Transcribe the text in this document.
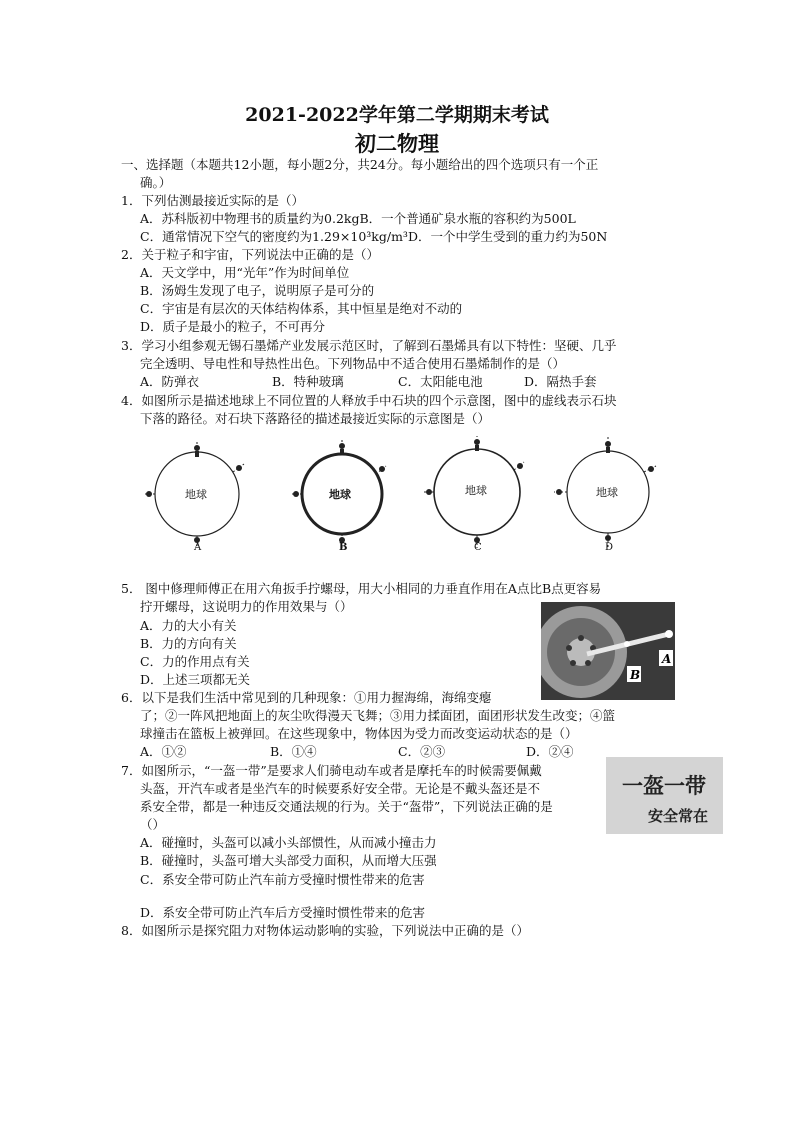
2021-2022学年第二学期期末考试
初二物理
一、选择题（本题共12小题，每小题2分，共24分。每小题给出的四个选项只有一个正
确。）
1．下列估测最接近实际的是（）
A．苏科版初中物理书的质量约为0.2kgB．一个普通矿泉水瓶的容积约为500L
C．通常情况下空气的密度约为1.29×10³kg/m³D．一个中学生受到的重力约为50N
2．关于粒子和宇宙，下列说法中正确的是（）
A．天文学中，用“光年”作为时间单位
B．汤姆生发现了电子，说明原子是可分的
C．宇宙是有层次的天体结构体系，其中恒星是绝对不动的
D．质子是最小的粒子，不可再分
3．学习小组参观无锡石墨烯产业发展示范区时，了解到石墨烯具有以下特性：坚硬、几乎
完全透明、导电性和导热性出色。下列物品中不适合使用石墨烯制作的是（）
A．防弹衣	B．特种玻璃	C．太阳能电池	D．隔热手套
4．如图所示是描述地球上不同位置的人释放手中石块的四个示意图，图中的虚线表示石块
下落的路径。对石块下落路径的描述最接近实际的示意图是（）
地球	地球	地球	地球
A	B	C	D
5． 图中修理师傅正在用六角扳手拧螺母，用大小相同的力垂直作用在A点比B点更容易
拧开螺母，这说明力的作用效果与（）
A．力的大小有关
B．力的方向有关
C．力的作用点有关
D．上述三项都无关
A
B
6．以下是我们生活中常见到的几种现象：①用力握海绵，海绵变瘪
了；②一阵风把地面上的灰尘吹得漫天飞舞；③用力揉面团，面团形状发生改变；④篮
球撞击在篮板上被弹回。在这些现象中，物体因为受力而改变运动状态的是（）
A．①②	B．①④	C．②③	D．②④
7．如图所示，“一盔一带”是要求人们骑电动车或者是摩托车的时候需要佩戴
头盔，开汽车或者是坐汽车的时候要系好安全带。无论是不戴头盔还是不
系安全带，都是一种违反交通法规的行为。关于“盔带”，下列说法正确的是
（）
A．碰撞时，头盔可以减小头部惯性，从而减小撞击力
B．碰撞时，头盔可增大头部受力面积，从而增大压强
C．系安全带可防止汽车前方受撞时惯性带来的危害
D．系安全带可防止汽车后方受撞时惯性带来的危害
一盔一带
安全常在
8．如图所示是探究阻力对物体运动影响的实验，下列说法中正确的是（）
